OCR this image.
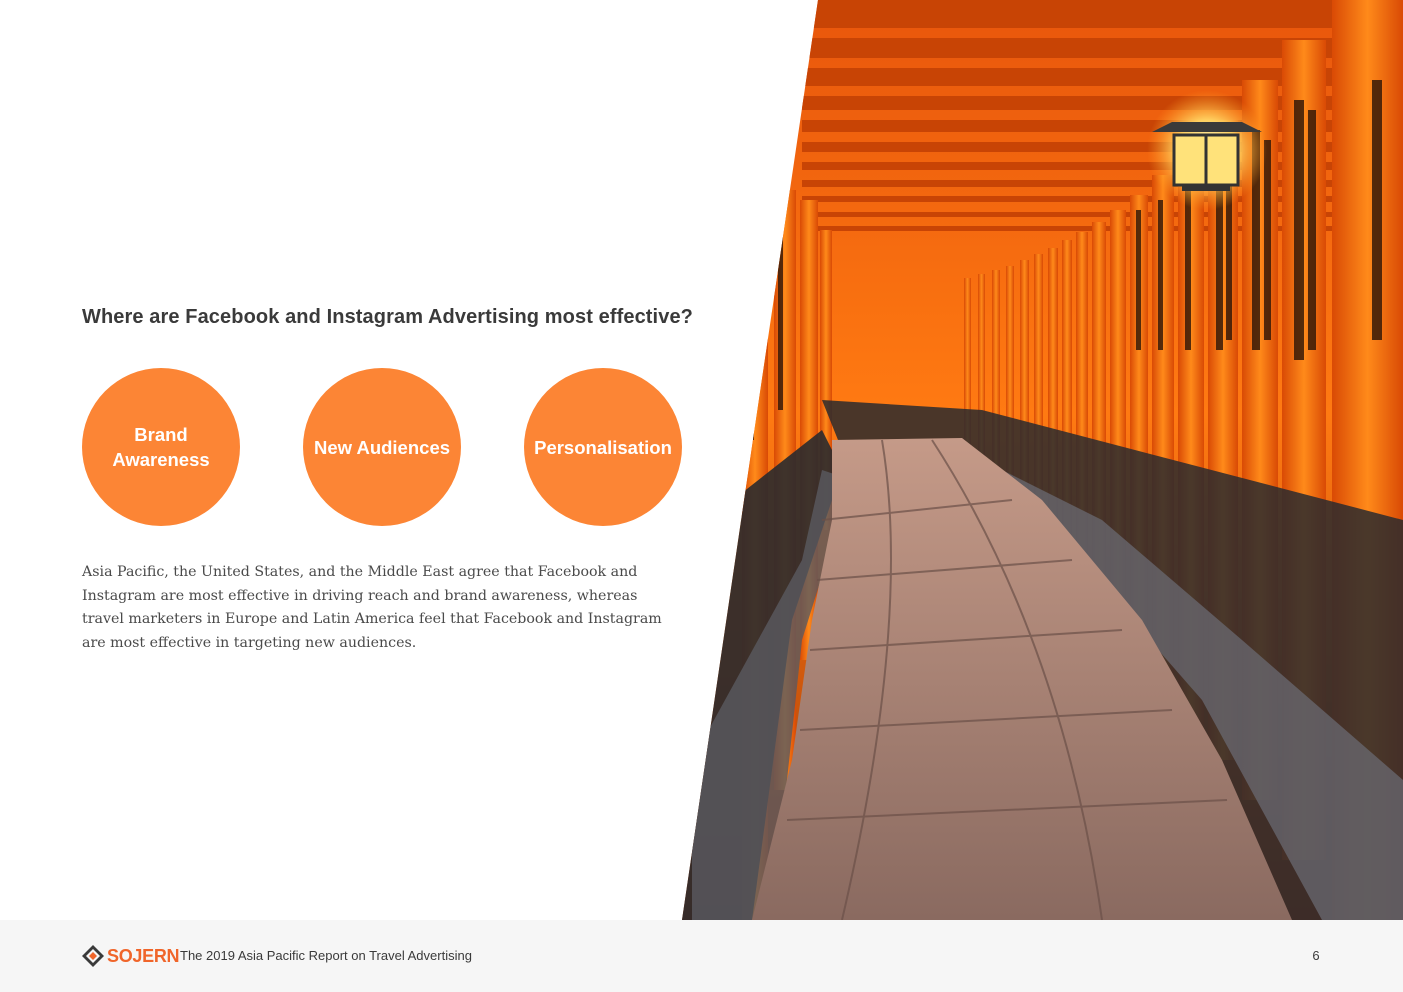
Where are Facebook and Instagram Advertising most effective?
Brand Awareness
New Audiences	Personalisation
Asia Pacific, the United States, and the Middle East agree that Facebook and Instagram are most effective in driving reach and brand awareness, whereas travel marketers in Europe and Latin America feel that Facebook and Instagram are most effective in targeting new audiences.
SOJERN The 2019 Asia Pacific Report on Travel Advertising	6
